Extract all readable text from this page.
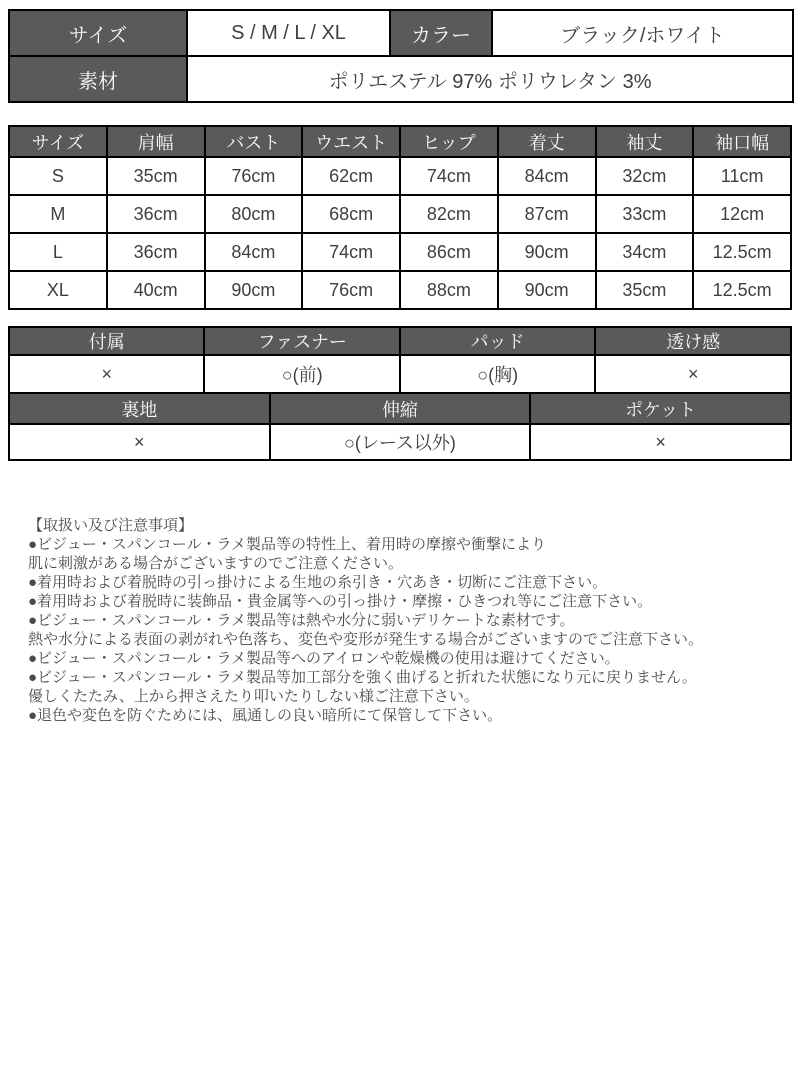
サイズ	S / M / L / XL	カラー	ブラック/ホワイト
素材	ポリエステル 97% ポリウレタン 3%		
サイズ	肩幅	バスト	ウエスト	ヒップ	着丈	袖丈	袖口幅
S	35cm	76cm	62cm	74cm	84cm	32cm	11cm
M	36cm	80cm	68cm	82cm	87cm	33cm	12cm
L	36cm	84cm	74cm	86cm	90cm	34cm	12.5cm
XL	40cm	90cm	76cm	88cm	90cm	35cm	12.5cm
付属	ファスナー		パッド		透け感
×	○(前)		○(胸)		×
裏地		伸縮		ポケット	
×		○(レース以外)		×	
【取扱い及び注意事項】
●ビジュー・スパンコール・ラメ製品等の特性上、着用時の摩擦や衝撃により
肌に刺激がある場合がございますのでご注意ください。
●着用時および着脱時の引っ掛けによる生地の糸引き・穴あき・切断にご注意下さい。
●着用時および着脱時に装飾品・貴金属等への引っ掛け・摩擦・ひきつれ等にご注意下さい。
●ビジュー・スパンコール・ラメ製品等は熱や水分に弱いデリケートな素材です。
熱や水分による表面の剥がれや色落ち、変色や変形が発生する場合がございますのでご注意下さい。
●ビジュー・スパンコール・ラメ製品等へのアイロンや乾燥機の使用は避けてください。
●ビジュー・スパンコール・ラメ製品等加工部分を強く曲げると折れた状態になり元に戻りません。
優しくたたみ、上から押さえたり叩いたりしない様ご注意下さい。
●退色や変色を防ぐためには、風通しの良い暗所にて保管して下さい。
